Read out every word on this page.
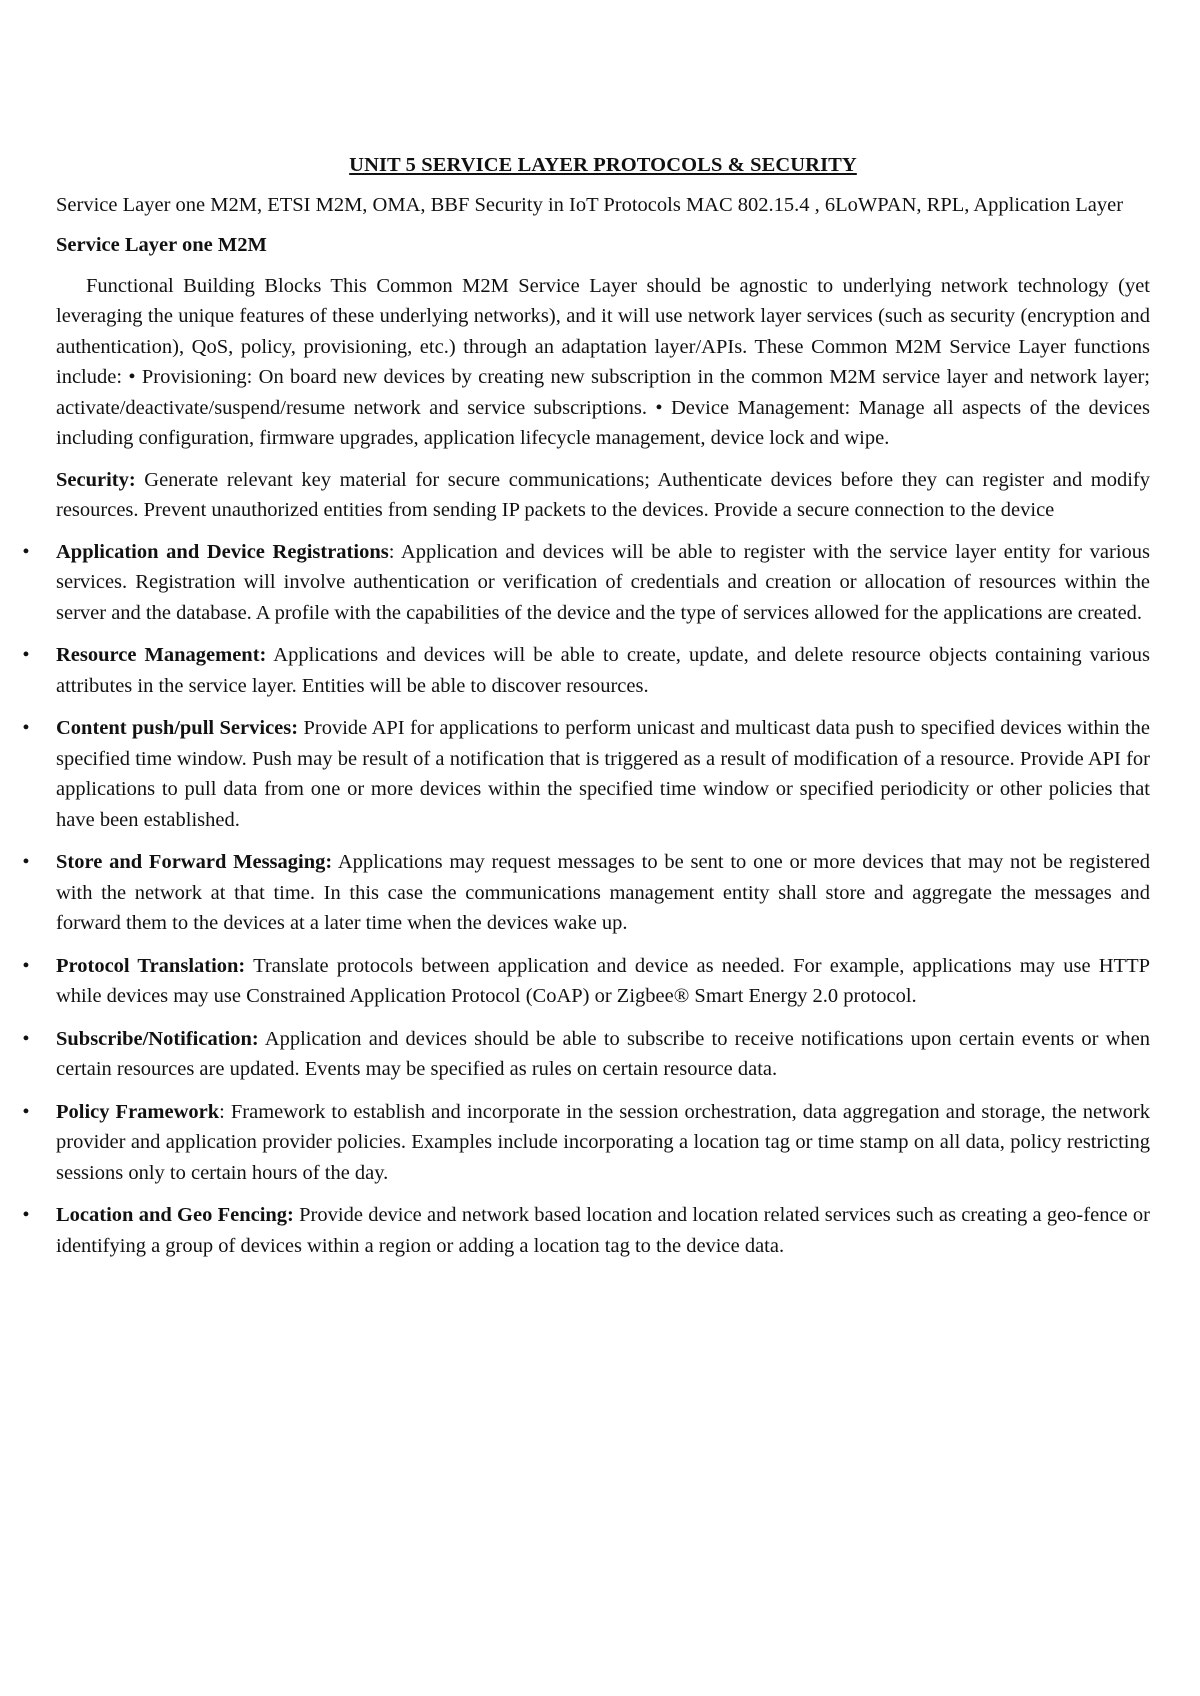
UNIT 5 SERVICE LAYER PROTOCOLS & SECURITY
Service Layer one M2M, ETSI M2M, OMA, BBF Security in IoT Protocols MAC 802.15.4 , 6LoWPAN, RPL, Application Layer
Service Layer one M2M
Functional Building Blocks This Common M2M Service Layer should be agnostic to underlying network technology (yet leveraging the unique features of these underlying networks), and it will use network layer services (such as security (encryption and authentication), QoS, policy, provisioning, etc.) through an adaptation layer/APIs. These Common M2M Service Layer functions include: • Provisioning: On board new devices by creating new subscription in the common M2M service layer and network layer; activate/deactivate/suspend/resume network and service subscriptions. • Device Management: Manage all aspects of the devices including configuration, firmware upgrades, application lifecycle management, device lock and wipe.
Security: Generate relevant key material for secure communications; Authenticate devices before they can register and modify resources. Prevent unauthorized entities from sending IP packets to the devices. Provide a secure connection to the device
• Application and Device Registrations: Application and devices will be able to register with the service layer entity for various services. Registration will involve authentication or verification of credentials and creation or allocation of resources within the server and the database. A profile with the capabilities of the device and the type of services allowed for the applications are created.
• Resource Management: Applications and devices will be able to create, update, and delete resource objects containing various attributes in the service layer. Entities will be able to discover resources.
• Content push/pull Services: Provide API for applications to perform unicast and multicast data push to specified devices within the specified time window. Push may be result of a notification that is triggered as a result of modification of a resource. Provide API for applications to pull data from one or more devices within the specified time window or specified periodicity or other policies that have been established.
• Store and Forward Messaging: Applications may request messages to be sent to one or more devices that may not be registered with the network at that time. In this case the communications management entity shall store and aggregate the messages and forward them to the devices at a later time when the devices wake up.
• Protocol Translation: Translate protocols between application and device as needed. For example, applications may use HTTP while devices may use Constrained Application Protocol (CoAP) or Zigbee® Smart Energy 2.0 protocol.
• Subscribe/Notification: Application and devices should be able to subscribe to receive notifications upon certain events or when certain resources are updated. Events may be specified as rules on certain resource data.
• Policy Framework: Framework to establish and incorporate in the session orchestration, data aggregation and storage, the network provider and application provider policies. Examples include incorporating a location tag or time stamp on all data, policy restricting sessions only to certain hours of the day.
• Location and Geo Fencing: Provide device and network based location and location related services such as creating a geo-fence or identifying a group of devices within a region or adding a location tag to the device data.
